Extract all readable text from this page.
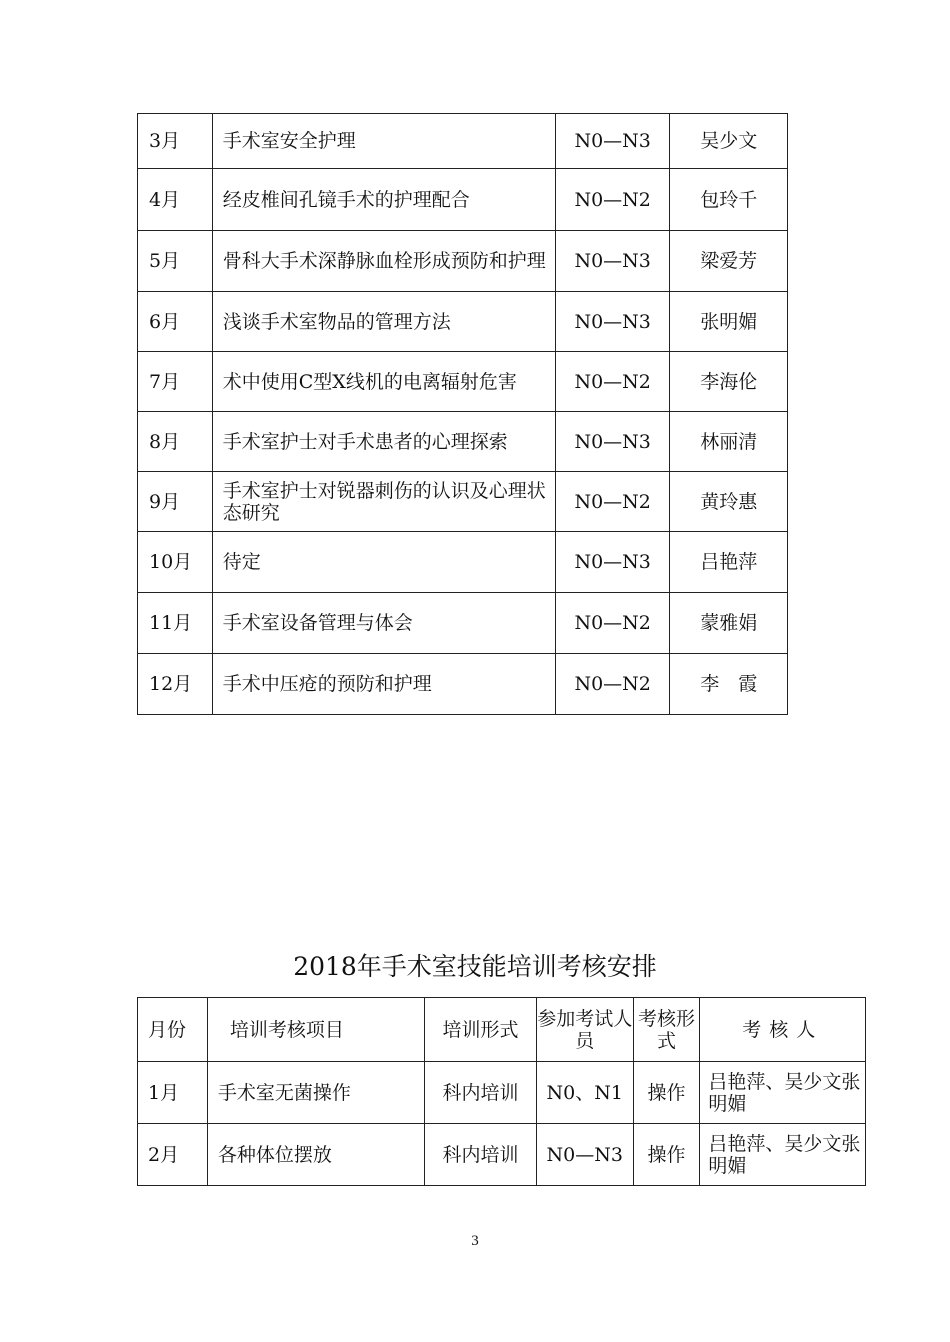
3月	手术室安全护理	N0—N3	吴少文
4月	经皮椎间孔镜手术的护理配合	N0—N2	包玲千
5月	骨科大手术深静脉血栓形成预防和护理	N0—N3	梁爱芳
6月	浅谈手术室物品的管理方法	N0—N3	张明媚
7月	术中使用C型X线机的电离辐射危害	N0—N2	李海伦
8月	手术室护士对手术患者的心理探索	N0—N3	林丽清
9月	手术室护士对锐器刺伤的认识及心理状态研究	N0—N2	黄玲惠
10月	待定	N0—N3	吕艳萍
11月	手术室设备管理与体会	N0—N2	蒙雅娟
12月	手术中压疮的预防和护理	N0—N2	李　霞
2018年手术室技能培训考核安排
月份	培训考核项目	培训形式	参加考试人员	考核形式	考核人
1月	手术室无菌操作	科内培训	N0、N1	操作	吕艳萍、吴少文张明媚
2月	各种体位摆放	科内培训	N0—N3	操作	吕艳萍、吴少文张明媚
3
